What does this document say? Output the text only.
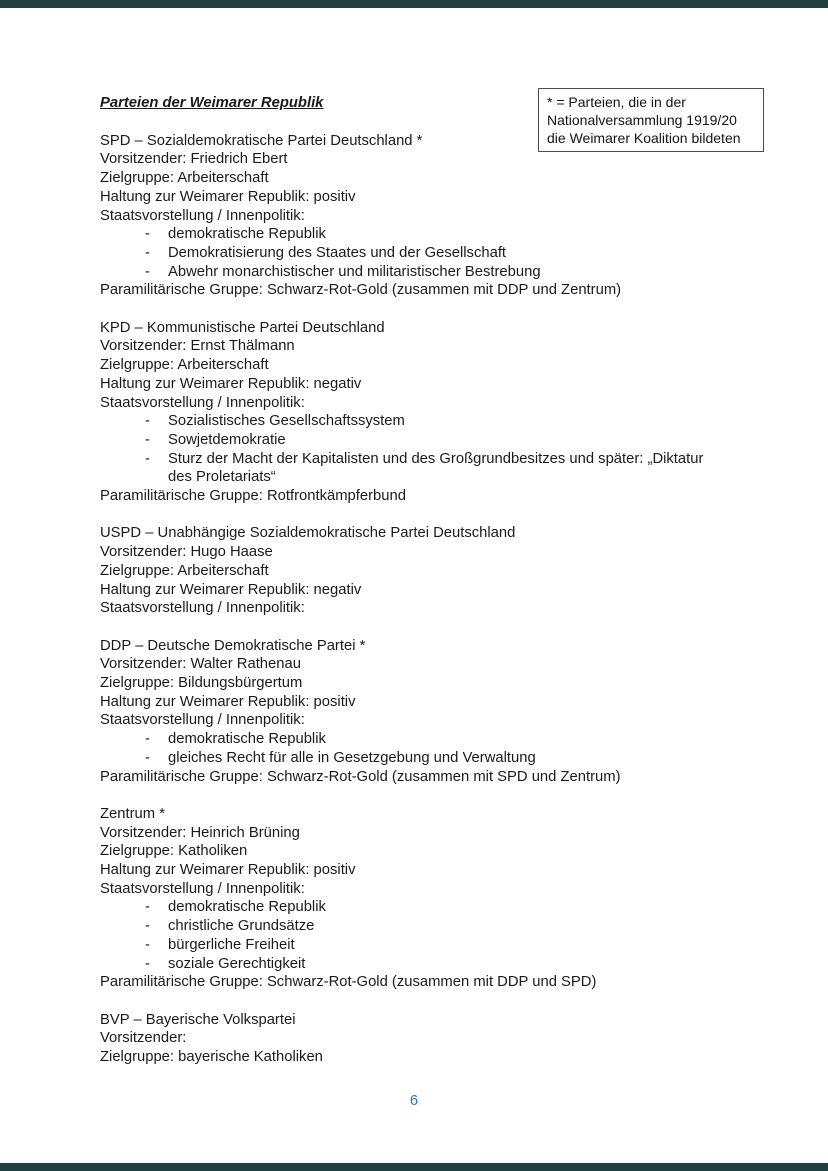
* = Parteien, die in der
Nationalversammlung 1919/20
die Weimarer Koalition bildeten
Parteien der Weimarer Republik

SPD – Sozialdemokratische Partei Deutschland *

Vorsitzender: Friedrich Ebert

Zielgruppe: Arbeiterschaft

Haltung zur Weimarer Republik: positiv

Staatsvorstellung / Innenpolitik:

-	demokratische Republik
-	Demokratisierung des Staates und der Gesellschaft
-	Abwehr monarchistischer und militaristischer Bestrebung

Paramilitärische Gruppe: Schwarz-Rot-Gold (zusammen mit DDP und Zentrum)

KPD – Kommunistische Partei Deutschland

Vorsitzender: Ernst Thälmann

Zielgruppe: Arbeiterschaft

Haltung zur Weimarer Republik: negativ

Staatsvorstellung / Innenpolitik:

-	Sozialistisches Gesellschaftssystem
-	Sowjetdemokratie
-	Sturz der Macht der Kapitalisten und des Großgrundbesitzes und später: „Diktatur des Proletariats“

Paramilitärische Gruppe: Rotfrontkämpferbund

USPD – Unabhängige Sozialdemokratische Partei Deutschland

Vorsitzender: Hugo Haase

Zielgruppe: Arbeiterschaft

Haltung zur Weimarer Republik: negativ

Staatsvorstellung / Innenpolitik:

DDP – Deutsche Demokratische Partei *

Vorsitzender: Walter Rathenau

Zielgruppe: Bildungsbürgertum

Haltung zur Weimarer Republik: positiv

Staatsvorstellung / Innenpolitik:

-	demokratische Republik
-	gleiches Recht für alle in Gesetzgebung und Verwaltung

Paramilitärische Gruppe: Schwarz-Rot-Gold (zusammen mit SPD und Zentrum)

Zentrum *

Vorsitzender: Heinrich Brüning

Zielgruppe: Katholiken

Haltung zur Weimarer Republik: positiv

Staatsvorstellung / Innenpolitik:

-	demokratische Republik
-	christliche Grundsätze
-	bürgerliche Freiheit
-	soziale Gerechtigkeit

Paramilitärische Gruppe: Schwarz-Rot-Gold (zusammen mit DDP und SPD)

BVP – Bayerische Volkspartei

Vorsitzender:

Zielgruppe: bayerische Katholiken

6
